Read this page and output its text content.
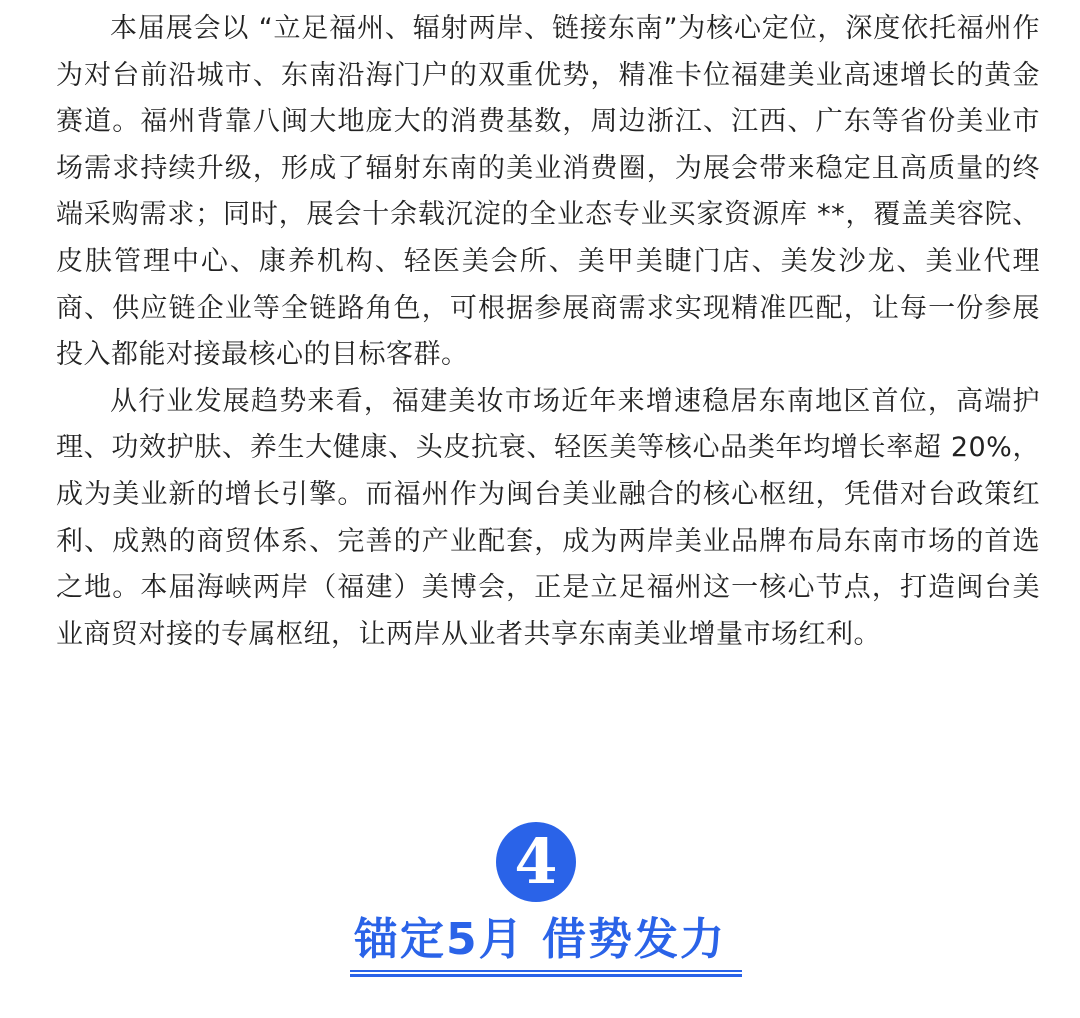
本届展会以 “立足福州、辐射两岸、链接东南”为核心定位，深度依托福州作为对台前沿城市、东南沿海门户的双重优势，精准卡位福建美业高速增长的黄金赛道。福州背靠八闽大地庞大的消费基数，周边浙江、江西、广东等省份美业市场需求持续升级，形成了辐射东南的美业消费圈，为展会带来稳定且高质量的终端采购需求；同时，展会十余载沉淀的全业态专业买家资源库 **，覆盖美容院、皮肤管理中心、康养机构、轻医美会所、美甲美睫门店、美发沙龙、美业代理商、供应链企业等全链路角色，可根据参展商需求实现精准匹配，让每一份参展投入都能对接最核心的目标客群。

从行业发展趋势来看，福建美妆市场近年来增速稳居东南地区首位，高端护理、功效护肤、养生大健康、头皮抗衰、轻医美等核心品类年均增长率超 20%，成为美业新的增长引擎。而福州作为闽台美业融合的核心枢纽，凭借对台政策红利、成熟的商贸体系、完善的产业配套，成为两岸美业品牌布局东南市场的首选之地。本届海峡两岸（福建）美博会，正是立足福州这一核心节点，打造闽台美业商贸对接的专属枢纽，让两岸从业者共享东南美业增量市场红利。

4
锚定5月 借势发力
